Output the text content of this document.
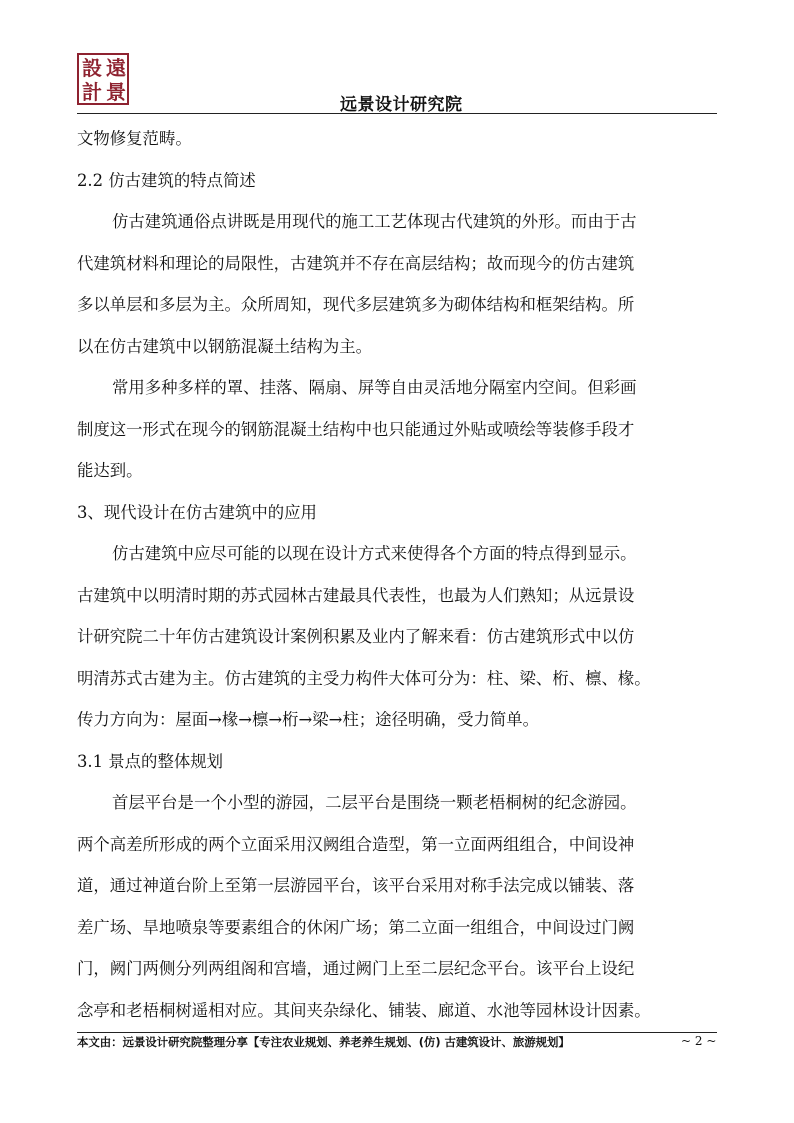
設 遠
計 景
远景设计研究院

文物修复范畴。

2.2 仿古建筑的特点简述

仿古建筑通俗点讲既是用现代的施工工艺体现古代建筑的外形。而由于古

代建筑材料和理论的局限性，古建筑并不存在高层结构；故而现今的仿古建筑

多以单层和多层为主。众所周知，现代多层建筑多为砌体结构和框架结构。所

以在仿古建筑中以钢筋混凝土结构为主。

常用多种多样的罩、挂落、隔扇、屏等自由灵活地分隔室内空间。但彩画

制度这一形式在现今的钢筋混凝土结构中也只能通过外贴或喷绘等装修手段才

能达到。

3、现代设计在仿古建筑中的应用

仿古建筑中应尽可能的以现在设计方式来使得各个方面的特点得到显示。

古建筑中以明清时期的苏式园林古建最具代表性，也最为人们熟知；从远景设

计研究院二十年仿古建筑设计案例积累及业内了解来看：仿古建筑形式中以仿

明清苏式古建为主。仿古建筑的主受力构件大体可分为：柱、梁、桁、檩、椽。

传力方向为：屋面→椽→檩→桁→梁→柱；途径明确，受力简单。

3.1 景点的整体规划

首层平台是一个小型的游园，二层平台是围绕一颗老梧桐树的纪念游园。

两个高差所形成的两个立面采用汉阙组合造型，第一立面两组组合，中间设神

道，通过神道台阶上至第一层游园平台，该平台采用对称手法完成以铺装、落

差广场、旱地喷泉等要素组合的休闲广场；第二立面一组组合，中间设过门阙

门，阙门两侧分列两组阁和宫墙，通过阙门上至二层纪念平台。该平台上设纪

念亭和老梧桐树遥相对应。其间夹杂绿化、铺装、廊道、水池等园林设计因素。

本文由：远景设计研究院整理分享【专注农业规划、养老养生规划、(仿) 古建筑设计、旅游规划】	~ 2 ~
